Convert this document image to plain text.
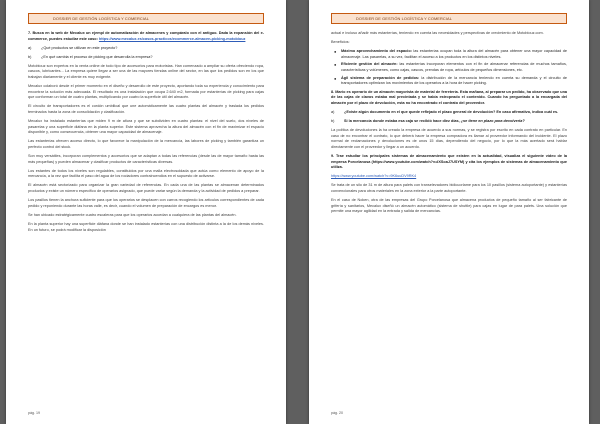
DOSSIER DE GESTIÓN LOGÍSTICA Y COMERCIAL

7. Busca en la web de Mecalux un ejempl de automatización de almacenes y compáralo con el antiguo. Dada la expansión del e-commerce, puedes estudiar este caso: https://www.mecalux.es/casos-practicos/ecommerce-almacen-picking-motobiouz

a)	¿Qué productos se utilizan en este proyecto?

b)	¿En qué cambia el proceso de picking que desarrolla la empresa?

Motobiouz son expertos en la venta online de todo tipo de accesorios para motoristas. Han comenzado a ampliar su oferta ofreciendo ropa, cascos, lubricantes... La empresa quiere llegar a ser una de las mayores tiendas online del sector, en las que los pedidos son en los que trabajan diariamente y el cliente es muy exigente.

Mecalux colaboró desde el primer momento en el diseño y desarrollo de este proyecto, aportando toda su experiencia y conocimiento para encontrar la solución más adecuada. El resultado es una instalación que ocupa 2.640 m2, formada por estanterías de picking para cajas que conforman un total de cuatro plantas, multiplicando por cuatro la superficie útil del almacén.

El circuito de transportadores es el cordón umbilical que une automáticamente las cuatro plantas del almacén y traslada los pedidos terminados hasta la zona de consolidación y clasificación.

Mecalux ha instalado estanterías que miden 9 m de altura y que se subdividen en cuatro plantas: el nivel del suelo, dos niveles de pasarelas y una superficie diáfana en la planta superior. Este sistema aprovecha la altura del almacén con el fin de maximizar el espacio disponible y, como consecuencia, obtener una mayor capacidad de almacenaje.

Las estanterías ofrecen acceso directo, lo que favorece la manipulación de la mercancía, las labores de picking y también garantiza un perfecto control del stock.

Son muy versátiles, incorporan complementos y accesorios que se adaptan a todas las referencias (desde las de mayor tamaño hasta las más pequeñas) y pueden almacenar y clasificar productos de características diversas.

Los estantes de todos los niveles son regulables, constituidos por una malla electrosoldada que actúa como elemento de apoyo de la mercancía, a la vez que facilita el paso del agua de los rociadores contraincendios en el supuesto de activarse.

El almacén está sectorizado para organizar la gran variedad de referencias. En cada una de las plantas se almacenan determinados productos y existe un número específico de operarios asignado, que puede variar según la demanda y la actividad de pedidos a preparar.

Los pasillos tienen la anchura suficiente para que los operarios se desplacen con carros recogiendo los artículos correspondientes de cada pedido y reponiendo durante las horas valle, es decir, cuando el volumen de preparación de encargos es menor.

Se han ubicado estratégicamente cuatro escaleras para que los operarios accedan a cualquiera de las plantas del almacén.

En la planta superior hay una superficie diáfana donde se han instalado estanterías con una distribución distinta a la de los demás niveles. En un futuro, se podrá modificar la disposición

pág. 19
DOSSIER DE GESTIÓN LOGÍSTICA Y COMERCIAL

actual e incluso añadir más estanterías, teniendo en cuenta las necesidades y perspectivas de crecimiento de Motobiouz.com.

Beneficios:

● Máximo aprovechamiento del espacio: las estanterías ocupan toda la altura del almacén para obtener una mayor capacidad de almacenaje. Las pasarelas, a su vez, facilitan el acceso a los productos en los distintos niveles.
● Eficiente gestión del almacén: las estanterías incorporan elementos con el fin de almacenar referencias de muchos tamaños, características y volúmenes, como cajas, cascos, prendas de ropa, artículos de pequeños dimensiones, etc.
● Ágil sistema de preparación de pedidos: la distribución de la mercancía teniendo en cuenta su demanda y el circuito de transportadores optimizan los movimientos de los operarios a la hora de hacer picking.

8. Mario es operario de un almacén mayorista de material de ferretería. Esta mañana, al preparar un pedido, ha observado que una de las cajas de clavos estaba mal precintada y se había estropeado el contenido. Cuando ha preguntado a la encargada del almacén por el plazo de devolución, esta no ha encontrado el contrato del proveedor.

a)	¿Existe algún documento en el que quede reflejado el plazo general de devolución? En caso afirmativo, indica cuál es.

b)	Si la mercancía donde estaba esa caja se recibió hace diez días, ¿se tiene en plazo para devolverla?

La política de devoluciones la ha creado la empresa de acuerdo a sus normas, y se registra por escrito en cada contrato en particular. En caso de no encontrar el contrato, lo que deberá hacer la empresa compradora es llamar al proveedor informando del incidente. El plazo normal de reclamaciones y devoluciones es de unos 15 días, dependiendo del negocio, por lo que la más acertado será hablar directamente con el proveedor y llegar a un acuerdo.

9. Trae estudiar los principales sistemas de almacenamiento que existen en la actualidad, visualiza el siguiente vídeo de la empresa Porcelanosa (https://www.youtube.com/watch?v=IXSoaJ7USYM) y cita los ejemplos de sistemas de almacenamiento que utiliza.

https://www.youtube.com/watch?v=9K6uuDV9RK4

Se trata de un silo de 31 m de altura para palets con transelevadores bidicuorlame para los 10 pasillos (sistema autoportante) y estanterías convencionales para otros materiales en la zona exterior a la parte autoportante.

En el caso de Noken, otra de las empresas del Grupo Porcelanosa que almacena productos de pequeño tamaño al ser fabricante de grifería y sanitarios, Mecalux diseñó un almacén automático (sistema de shuttle) para cajas en lugar de para palets. Una solución que permite una mayor agilidad en la entrada y salida de mercancías.

pág. 20
